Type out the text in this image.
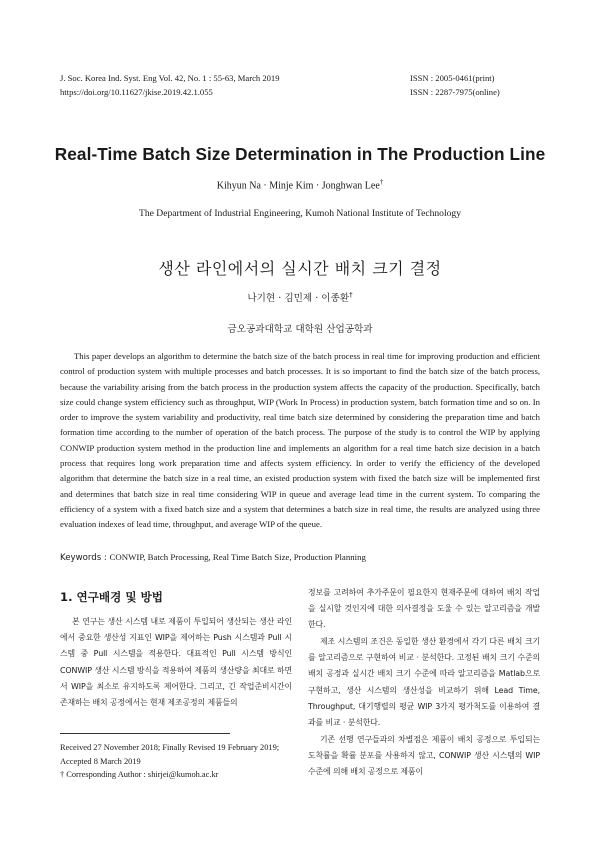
J. Soc. Korea Ind. Syst. Eng Vol. 42, No. 1 : 55-63, March 2019
https://doi.org/10.11627/jkise.2019.42.1.055
ISSN : 2005-0461(print)
ISSN : 2287-7975(online)
Real-Time Batch Size Determination in The Production Line
Kihyun Na · Minje Kim · Jonghwan Lee†
The Department of Industrial Engineering, Kumoh National Institute of Technology
생산 라인에서의 실시간 배치 크기 결정
나기현 · 김민제 · 이종환†
금오공과대학교 대학원 산업공학과

This paper develops an algorithm to determine the batch size of the batch process in real time for improving production and efficient control of production system with multiple processes and batch processes. It is so important to find the batch size of the batch process, because the variability arising from the batch process in the production system affects the capacity of the production. Specifically, batch size could change system efficiency such as throughput, WIP (Work In Process) in production system, batch formation time and so on. In order to improve the system variability and productivity, real time batch size determined by considering the preparation time and batch formation time according to the number of operation of the batch process. The purpose of the study is to control the WIP by applying CONWIP production system method in the production line and implements an algorithm for a real time batch size decision in a batch process that requires long work preparation time and affects system efficiency. In order to verify the efficiency of the developed algorithm that determine the batch size in a real time, an existed production system with fixed the batch size will be implemented first and determines that batch size in real time considering WIP in queue and average lead time in the current system. To comparing the efficiency of a system with a fixed batch size and a system that determines a batch size in real time, the results are analyzed using three evaluation indexes of lead time, throughput, and average WIP of the queue.

Keywords : CONWIP, Batch Processing, Real Time Batch Size, Production Planning
1. 연구배경 및 방법

본 연구는 생산 시스템 내로 제품이 투입되어 생산되는 생산 라인에서 중요한 생산성 지표인 WIP을 제어하는 Push 시스템과 Pull 시스템 중 Pull 시스템을 적용한다. 대표적인 Pull 시스템 방식인 CONWIP 생산 시스템 방식을 적용하여 제품의 생산량을 최대로 하면서 WIP을 최소로 유지하도록 제어한다. 그리고, 긴 작업준비시간이 존재하는 배치 공정에서는 현재 제조공정의 제품들의

정보를 고려하여 추가주문이 필요한지 현재주문에 대하여 배치 작업을 실시할 것인지에 대한 의사결정을 도울 수 있는 알고리즘을 개발한다.

제조 시스템의 조건은 동일한 생산 환경에서 각기 다른 배치 크기를 알고리즘으로 구현하여 비교 · 분석한다. 고정된 배치 크기 수준의 배치 공정과 실시간 배치 크기 수준에 따라 알고리즘을 Matlab으로 구현하고, 생산 시스템의 생산성을 비교하기 위해 Lead Time, Throughput, 대기행렬의 평균 WIP 3가지 평가척도를 이용하여 결과를 비교 · 분석한다.

기존 선행 연구들과의 차별점은 제품이 배치 공정으로 투입되는 도착률을 확률 분포를 사용하지 않고, CONWIP 생산 시스템의 WIP 수준에 의해 배치 공정으로 제품이

Received 27 November 2018; Finally Revised 19 February 2019;
Accepted 8 March 2019
† Corresponding Author : shirjei@kumoh.ac.kr
